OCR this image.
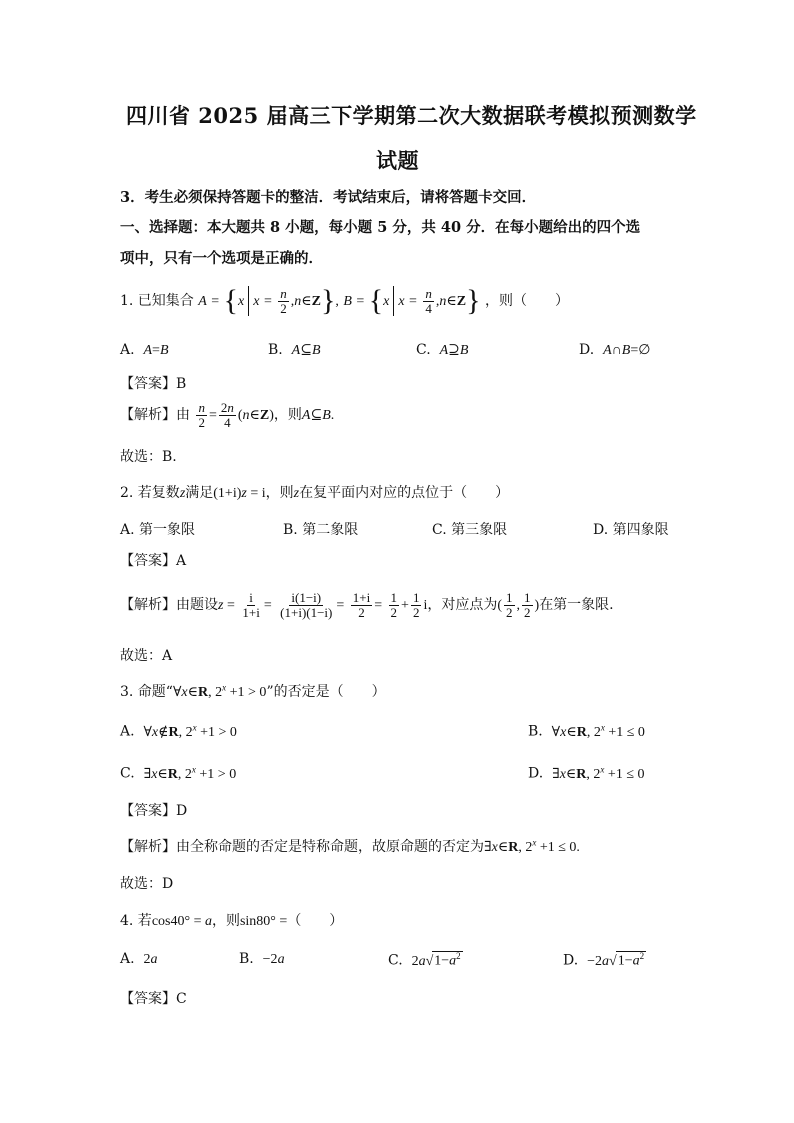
四川省 2025 届高三下学期第二次大数据联考模拟预测数学
试题
3．考生必须保持答题卡的整洁．考试结束后，请将答题卡交回．
一、选择题：本大题共 8 小题，每小题 5 分，共 40 分．在每小题给出的四个选
项中，只有一个选项是正确的．
1. 已知集合 A = {x $x = \frac{n}{2}$ ,n∈Z}, B = {x $x = \frac{n}{4}$ ,n∈Z} ，则（　　）
A. A=B	B. A⊆B	C. A⊇B	D. A∩B=∅
【答案】B
【解析】由 $\frac{n}{2} = \frac{2n}{4}$ (n∈Z)，则A⊆B.
故选：B.
2. 若复数z满足(1+i)z = i，则z在复平面内对应的点位于（　　）
A. 第一象限	B. 第二象限	C. 第三象限	D. 第四象限
【答案】A
【解析】由题设$z = \frac{i}{1+i} = \frac{i(1-i)}{(1+i)(1-i)} = \frac{1+i}{2} = \frac{1}{2} + \frac{1}{2}$ i，对应点为( $\frac{1}{2}$ , $\frac{1}{2}$ )在第一象限.
故选：A
3. 命题“∀x∈R, $2^x +1 > 0$”的否定是（　　）
A. ∀x∉R, $2^x +1 > 0$	B. ∀x∈R, $2^x +1 \le 0$
C. ∃x∈R, $2^x +1 > 0$	D. ∃x∈R, $2^x +1 \le 0$
【答案】D
【解析】由全称命题的否定是特称命题，故原命题的否定为∃x∈R, $2^x +1 \le 0$.
故选：D
4. 若cos40° = a，则sin80° =（　　）
A. 2a	B. −2a	C. $2a√1-a^2$	D. $-2a√1-a^2$
【答案】C
